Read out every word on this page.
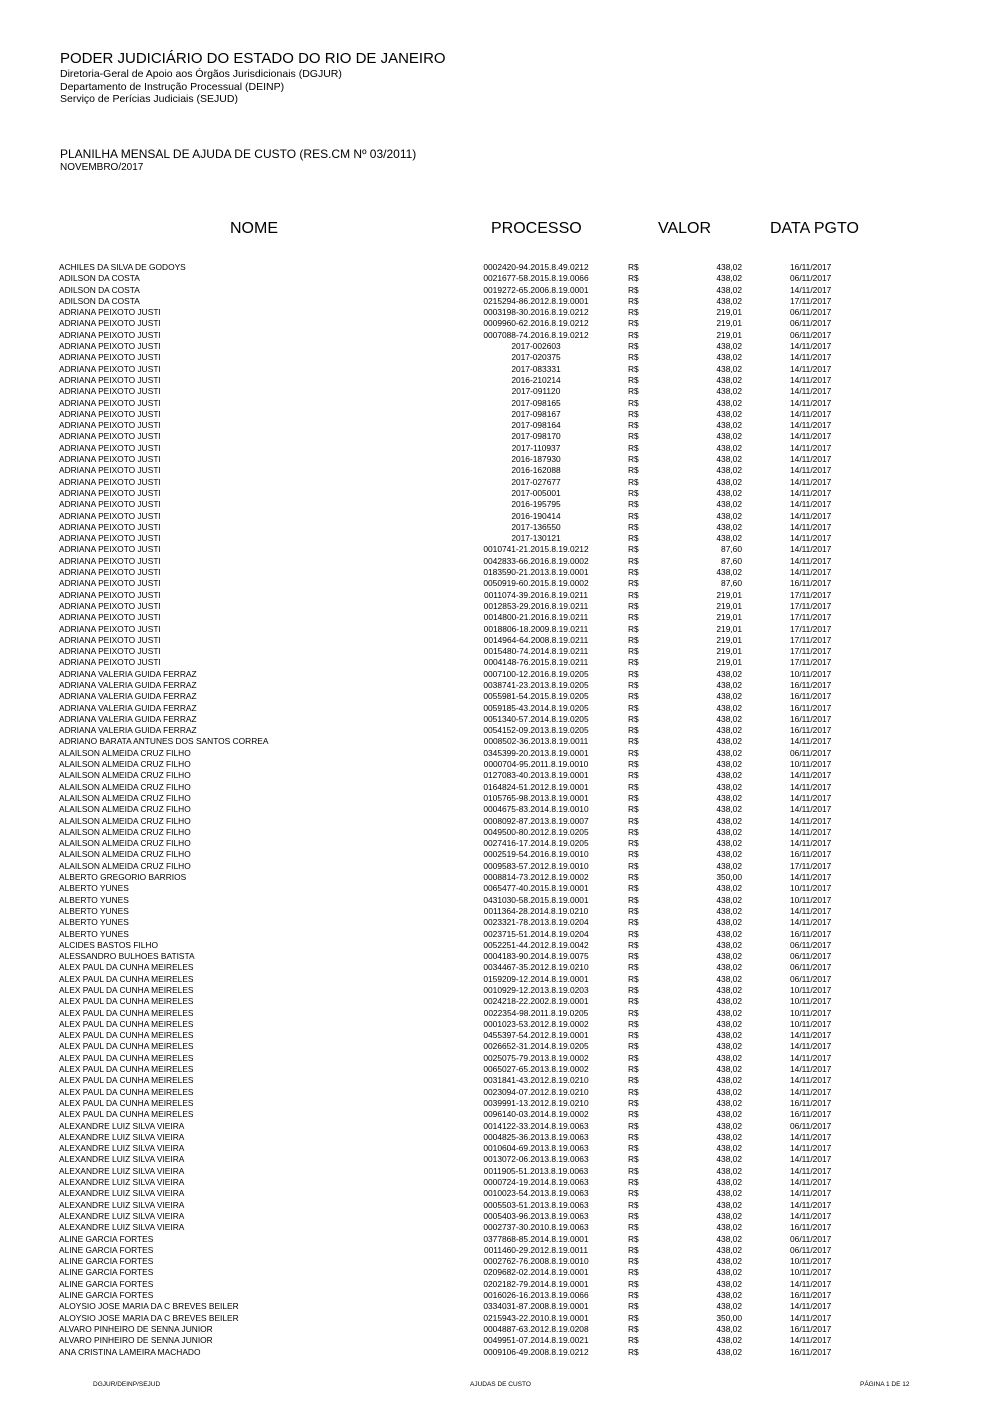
PODER JUDICIÁRIO DO ESTADO DO RIO DE JANEIRO
Diretoria-Geral de Apoio aos Órgãos Jurisdicionais (DGJUR)
Departamento de Instrução Processual (DEINP)
Serviço de Perícias Judiciais (SEJUD)
PLANILHA MENSAL DE AJUDA DE CUSTO (RES.CM Nº 03/2011)
NOVEMBRO/2017
NOME	PROCESSO	VALOR	DATA PGTO
ACHILES DA SILVA DE GODOYS	0002420-94.2015.8.49.0212	R$	438,02	16/11/2017
ADILSON DA COSTA	0021677-58.2015.8.19.0066	R$	438,02	06/11/2017
ADILSON DA COSTA	0019272-65.2006.8.19.0001	R$	438,02	14/11/2017
ADILSON DA COSTA	0215294-86.2012.8.19.0001	R$	438,02	17/11/2017
ADRIANA PEIXOTO JUSTI	0003198-30.2016.8.19.0212	R$	219,01	06/11/2017
ADRIANA PEIXOTO JUSTI	0009960-62.2016.8.19.0212	R$	219,01	06/11/2017
ADRIANA PEIXOTO JUSTI	0007088-74.2016.8.19.0212	R$	219,01	06/11/2017
ADRIANA PEIXOTO JUSTI	2017-002603	R$	438,02	14/11/2017
ADRIANA PEIXOTO JUSTI	2017-020375	R$	438,02	14/11/2017
ADRIANA PEIXOTO JUSTI	2017-083331	R$	438,02	14/11/2017
ADRIANA PEIXOTO JUSTI	2016-210214	R$	438,02	14/11/2017
ADRIANA PEIXOTO JUSTI	2017-091120	R$	438,02	14/11/2017
ADRIANA PEIXOTO JUSTI	2017-098165	R$	438,02	14/11/2017
ADRIANA PEIXOTO JUSTI	2017-098167	R$	438,02	14/11/2017
ADRIANA PEIXOTO JUSTI	2017-098164	R$	438,02	14/11/2017
ADRIANA PEIXOTO JUSTI	2017-098170	R$	438,02	14/11/2017
ADRIANA PEIXOTO JUSTI	2017-110937	R$	438,02	14/11/2017
ADRIANA PEIXOTO JUSTI	2016-187930	R$	438,02	14/11/2017
ADRIANA PEIXOTO JUSTI	2016-162088	R$	438,02	14/11/2017
ADRIANA PEIXOTO JUSTI	2017-027677	R$	438,02	14/11/2017
ADRIANA PEIXOTO JUSTI	2017-005001	R$	438,02	14/11/2017
ADRIANA PEIXOTO JUSTI	2016-195795	R$	438,02	14/11/2017
ADRIANA PEIXOTO JUSTI	2016-190414	R$	438,02	14/11/2017
ADRIANA PEIXOTO JUSTI	2017-136550	R$	438,02	14/11/2017
ADRIANA PEIXOTO JUSTI	2017-130121	R$	438,02	14/11/2017
ADRIANA PEIXOTO JUSTI	0010741-21.2015.8.19.0212	R$	87,60	14/11/2017
ADRIANA PEIXOTO JUSTI	0042833-66.2016.8.19.0002	R$	87,60	14/11/2017
ADRIANA PEIXOTO JUSTI	0183590-21.2013.8.19.0001	R$	438,02	14/11/2017
ADRIANA PEIXOTO JUSTI	0050919-60.2015.8.19.0002	R$	87,60	16/11/2017
ADRIANA PEIXOTO JUSTI	0011074-39.2016.8.19.0211	R$	219,01	17/11/2017
ADRIANA PEIXOTO JUSTI	0012853-29.2016.8.19.0211	R$	219,01	17/11/2017
ADRIANA PEIXOTO JUSTI	0014800-21.2016.8.19.0211	R$	219,01	17/11/2017
ADRIANA PEIXOTO JUSTI	0018806-18.2009.8.19.0211	R$	219,01	17/11/2017
ADRIANA PEIXOTO JUSTI	0014964-64.2008.8.19.0211	R$	219,01	17/11/2017
ADRIANA PEIXOTO JUSTI	0015480-74.2014.8.19.0211	R$	219,01	17/11/2017
ADRIANA PEIXOTO JUSTI	0004148-76.2015.8.19.0211	R$	219,01	17/11/2017
ADRIANA VALERIA GUIDA FERRAZ	0007100-12.2016.8.19.0205	R$	438,02	10/11/2017
ADRIANA VALERIA GUIDA FERRAZ	0038741-23.2013.8.19.0205	R$	438,02	16/11/2017
ADRIANA VALERIA GUIDA FERRAZ	0055981-54.2015.8.19.0205	R$	438,02	16/11/2017
ADRIANA VALERIA GUIDA FERRAZ	0059185-43.2014.8.19.0205	R$	438,02	16/11/2017
ADRIANA VALERIA GUIDA FERRAZ	0051340-57.2014.8.19.0205	R$	438,02	16/11/2017
ADRIANA VALERIA GUIDA FERRAZ	0054152-09.2013.8.19.0205	R$	438,02	16/11/2017
ADRIANO BARATA ANTUNES DOS SANTOS CORREA	0008502-36.2013.8.19.0011	R$	438,02	14/11/2017
ALAILSON ALMEIDA CRUZ FILHO	0345399-20.2013.8.19.0001	R$	438,02	06/11/2017
ALAILSON ALMEIDA CRUZ FILHO	0000704-95.2011.8.19.0010	R$	438,02	10/11/2017
ALAILSON ALMEIDA CRUZ FILHO	0127083-40.2013.8.19.0001	R$	438,02	14/11/2017
ALAILSON ALMEIDA CRUZ FILHO	0164824-51.2012.8.19.0001	R$	438,02	14/11/2017
ALAILSON ALMEIDA CRUZ FILHO	0105765-98.2013.8.19.0001	R$	438,02	14/11/2017
ALAILSON ALMEIDA CRUZ FILHO	0004675-83.2014.8.19.0010	R$	438,02	14/11/2017
ALAILSON ALMEIDA CRUZ FILHO	0008092-87.2013.8.19.0007	R$	438,02	14/11/2017
ALAILSON ALMEIDA CRUZ FILHO	0049500-80.2012.8.19.0205	R$	438,02	14/11/2017
ALAILSON ALMEIDA CRUZ FILHO	0027416-17.2014.8.19.0205	R$	438,02	14/11/2017
ALAILSON ALMEIDA CRUZ FILHO	0002519-54.2016.8.19.0010	R$	438,02	16/11/2017
ALAILSON ALMEIDA CRUZ FILHO	0009583-57.2012.8.19.0010	R$	438,02	17/11/2017
ALBERTO GREGORIO BARRIOS	0008814-73.2012.8.19.0002	R$	350,00	14/11/2017
ALBERTO YUNES	0065477-40.2015.8.19.0001	R$	438,02	10/11/2017
ALBERTO YUNES	0431030-58.2015.8.19.0001	R$	438,02	10/11/2017
ALBERTO YUNES	0011364-28.2014.8.19.0210	R$	438,02	14/11/2017
ALBERTO YUNES	0023321-78.2013.8.19.0204	R$	438,02	14/11/2017
ALBERTO YUNES	0023715-51.2014.8.19.0204	R$	438,02	16/11/2017
ALCIDES BASTOS FILHO	0052251-44.2012.8.19.0042	R$	438,02	06/11/2017
ALESSANDRO BULHOES BATISTA	0004183-90.2014.8.19.0075	R$	438,02	06/11/2017
ALEX PAUL DA CUNHA MEIRELES	0034467-35.2012.8.19.0210	R$	438,02	06/11/2017
ALEX PAUL DA CUNHA MEIRELES	0159209-12.2014.8.19.0001	R$	438,02	06/11/2017
ALEX PAUL DA CUNHA MEIRELES	0010929-12.2013.8.19.0203	R$	438,02	10/11/2017
ALEX PAUL DA CUNHA MEIRELES	0024218-22.2002.8.19.0001	R$	438,02	10/11/2017
ALEX PAUL DA CUNHA MEIRELES	0022354-98.2011.8.19.0205	R$	438,02	10/11/2017
ALEX PAUL DA CUNHA MEIRELES	0001023-53.2012.8.19.0002	R$	438,02	10/11/2017
ALEX PAUL DA CUNHA MEIRELES	0455397-54.2012.8.19.0001	R$	438,02	14/11/2017
ALEX PAUL DA CUNHA MEIRELES	0026652-31.2014.8.19.0205	R$	438,02	14/11/2017
ALEX PAUL DA CUNHA MEIRELES	0025075-79.2013.8.19.0002	R$	438,02	14/11/2017
ALEX PAUL DA CUNHA MEIRELES	0065027-65.2013.8.19.0002	R$	438,02	14/11/2017
ALEX PAUL DA CUNHA MEIRELES	0031841-43.2012.8.19.0210	R$	438,02	14/11/2017
ALEX PAUL DA CUNHA MEIRELES	0023094-07.2012.8.19.0210	R$	438,02	14/11/2017
ALEX PAUL DA CUNHA MEIRELES	0039991-13.2012.8.19.0210	R$	438,02	16/11/2017
ALEX PAUL DA CUNHA MEIRELES	0096140-03.2014.8.19.0002	R$	438,02	16/11/2017
ALEXANDRE LUIZ SILVA VIEIRA	0014122-33.2014.8.19.0063	R$	438,02	06/11/2017
ALEXANDRE LUIZ SILVA VIEIRA	0004825-36.2013.8.19.0063	R$	438,02	14/11/2017
ALEXANDRE LUIZ SILVA VIEIRA	0010604-69.2013.8.19.0063	R$	438,02	14/11/2017
ALEXANDRE LUIZ SILVA VIEIRA	0013072-06.2013.8.19.0063	R$	438,02	14/11/2017
ALEXANDRE LUIZ SILVA VIEIRA	0011905-51.2013.8.19.0063	R$	438,02	14/11/2017
ALEXANDRE LUIZ SILVA VIEIRA	0000724-19.2014.8.19.0063	R$	438,02	14/11/2017
ALEXANDRE LUIZ SILVA VIEIRA	0010023-54.2013.8.19.0063	R$	438,02	14/11/2017
ALEXANDRE LUIZ SILVA VIEIRA	0005503-51.2013.8.19.0063	R$	438,02	14/11/2017
ALEXANDRE LUIZ SILVA VIEIRA	0005403-96.2013.8.19.0063	R$	438,02	14/11/2017
ALEXANDRE LUIZ SILVA VIEIRA	0002737-30.2010.8.19.0063	R$	438,02	16/11/2017
ALINE GARCIA FORTES	0377868-85.2014.8.19.0001	R$	438,02	06/11/2017
ALINE GARCIA FORTES	0011460-29.2012.8.19.0011	R$	438,02	06/11/2017
ALINE GARCIA FORTES	0002762-76.2008.8.19.0010	R$	438,02	10/11/2017
ALINE GARCIA FORTES	0209682-02.2014.8.19.0001	R$	438,02	10/11/2017
ALINE GARCIA FORTES	0202182-79.2014.8.19.0001	R$	438,02	14/11/2017
ALINE GARCIA FORTES	0016026-16.2013.8.19.0066	R$	438,02	16/11/2017
ALOYSIO JOSE MARIA DA C BREVES BEILER	0334031-87.2008.8.19.0001	R$	438,02	14/11/2017
ALOYSIO JOSE MARIA DA C BREVES BEILER	0215943-22.2010.8.19.0001	R$	350,00	14/11/2017
ALVARO PINHEIRO DE SENNA JUNIOR	0004887-63.2012.8.19.0208	R$	438,02	16/11/2017
ALVARO PINHEIRO DE SENNA JUNIOR	0049951-07.2014.8.19.0021	R$	438,02	14/11/2017
ANA CRISTINA LAMEIRA MACHADO	0009106-49.2008.8.19.0212	R$	438,02	16/11/2017
DGJUR/DEINP/SEJUD	AJUDAS DE CUSTO	PÁGINA 1 DE 12
